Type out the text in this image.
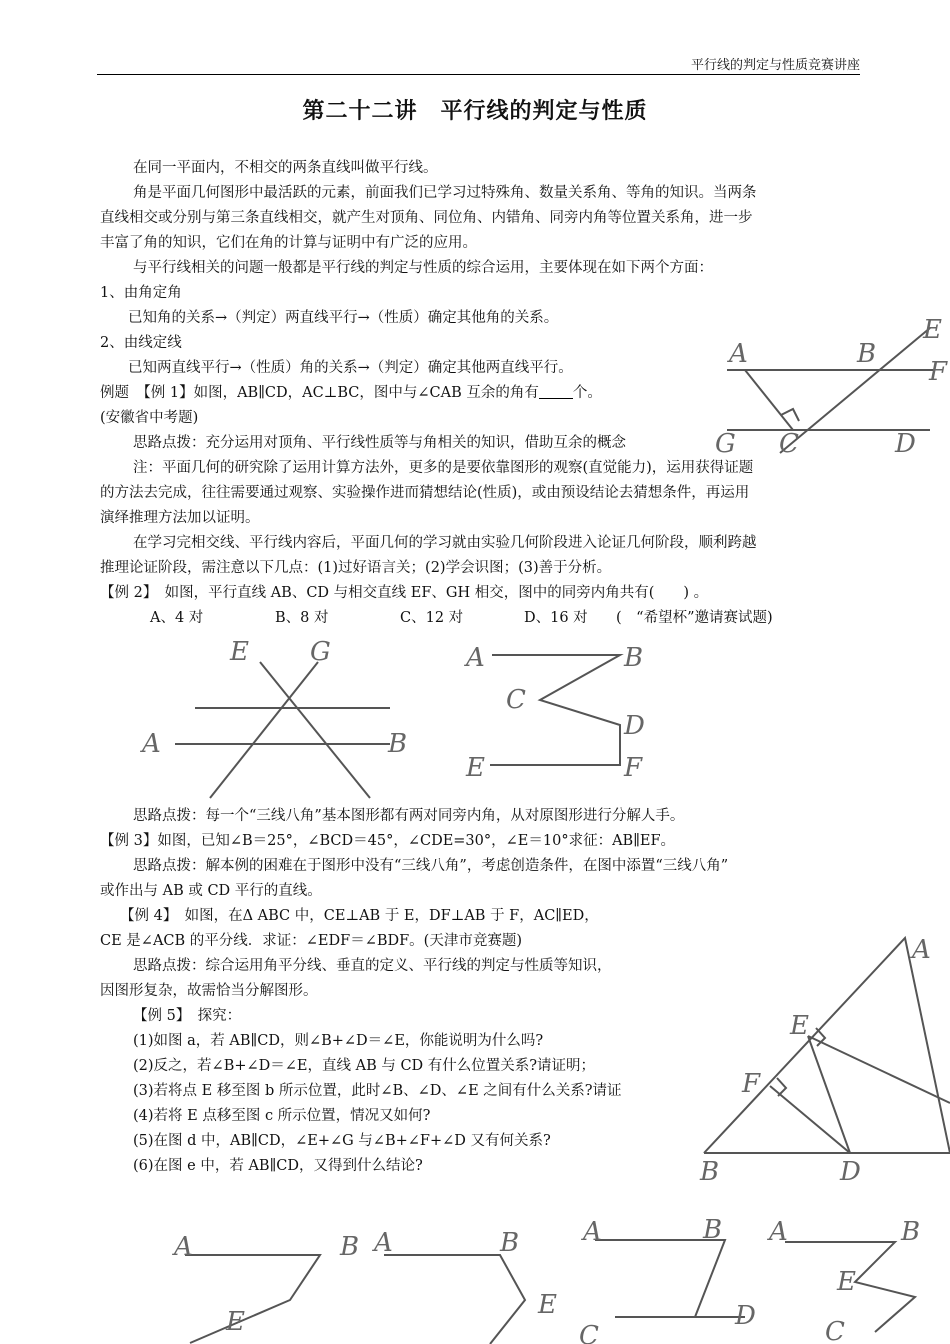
平行线的判定与性质竞赛讲座
第二十二讲　平行线的判定与性质
在同一平面内，不相交的两条直线叫做平行线。
角是平面几何图形中最活跃的元素，前面我们已学习过特殊角、数量关系角、等角的知识。当两条
直线相交或分别与第三条直线相交，就产生对顶角、同位角、内错角、同旁内角等位置关系角，进一步
丰富了角的知识，它们在角的计算与证明中有广泛的应用。
与平行线相关的问题一般都是平行线的判定与性质的综合运用，主要体现在如下两个方面：
1、由角定角
已知角的关系→（判定）两直线平行→（性质）确定其他角的关系。
2、由线定线
已知两直线平行→（性质）角的关系→（判定）确定其他两直线平行。
例题　【例 1】如图，AB∥CD，AC⊥BC，图中与∠CAB 互余的角有 个。
(安徽省中考题)
思路点拨：充分运用对顶角、平行线性质等与角相关的知识，借助互余的概念
注：平面几何的研究除了运用计算方法外，更多的是要依靠图形的观察(直觉能力)，运用获得证题
的方法去完成，往往需要通过观察、实验操作进而猜想结论(性质)，或由预设结论去猜想条件，再运用
演绎推理方法加以证明。
在学习完相交线、平行线内容后，平面几何的学习就由实验几何阶段进入论证几何阶段，顺利跨越
推理论证阶段，需注意以下几点：(1)过好语言关；(2)学会识图；(3)善于分析。
【例 2】　如图，平行直线 AB、CD 与相交直线 EF、GH 相交，图中的同旁内角共有(　　) 。
A、4 对	B、8 对	C、12 对	D、16 对 (　“希望杯”邀请赛试题)
思路点拨：每一个“三线八角”基本图形都有两对同旁内角，从对原图形进行分解人手。
【例 3】如图，已知∠B＝25°，∠BCD＝45°，∠CDE=30°，∠E＝10°求征：AB∥EF。
思路点拨：解本例的困难在于图形中没有“三线八角”，考虑创造条件，在图中添置“三线八角”
或作出与 AB 或 CD 平行的直线。
【例 4】　如图，在Δ ABC 中，CE⊥AB 于 E，DF⊥AB 于 F，AC∥ED，
CE 是∠ACB 的平分线．求证：∠EDF＝∠BDF。(天津市竞赛题)
思路点拨：综合运用角平分线、垂直的定义、平行线的判定与性质等知识，
因图形复杂，故需恰当分解图形。
【例 5】　探究：
(1)如图 a，若 AB∥CD，则∠B+∠D＝∠E，你能说明为什么吗?
(2)反之，若∠B+∠D＝∠E，直线 AB 与 CD 有什么位置关系?请证明；
(3)若将点 E 移至图 b 所示位置，此时∠B、∠D、∠E 之间有什么关系?请证
(4)若将 E 点移至图 c 所示位置，情况又如何?
(5)在图 d 中，AB∥CD，∠E+∠G 与∠B+∠F+∠D 又有何关系?
(6)在图 e 中，若 AB∥CD，又得到什么结论?
A	B
E
F
G C	D
E G
A	B
A	B
C
D
E	F
A
E
F
B	D
A	B
E
A	B
E
A	B
D
C
A	B
E
C
